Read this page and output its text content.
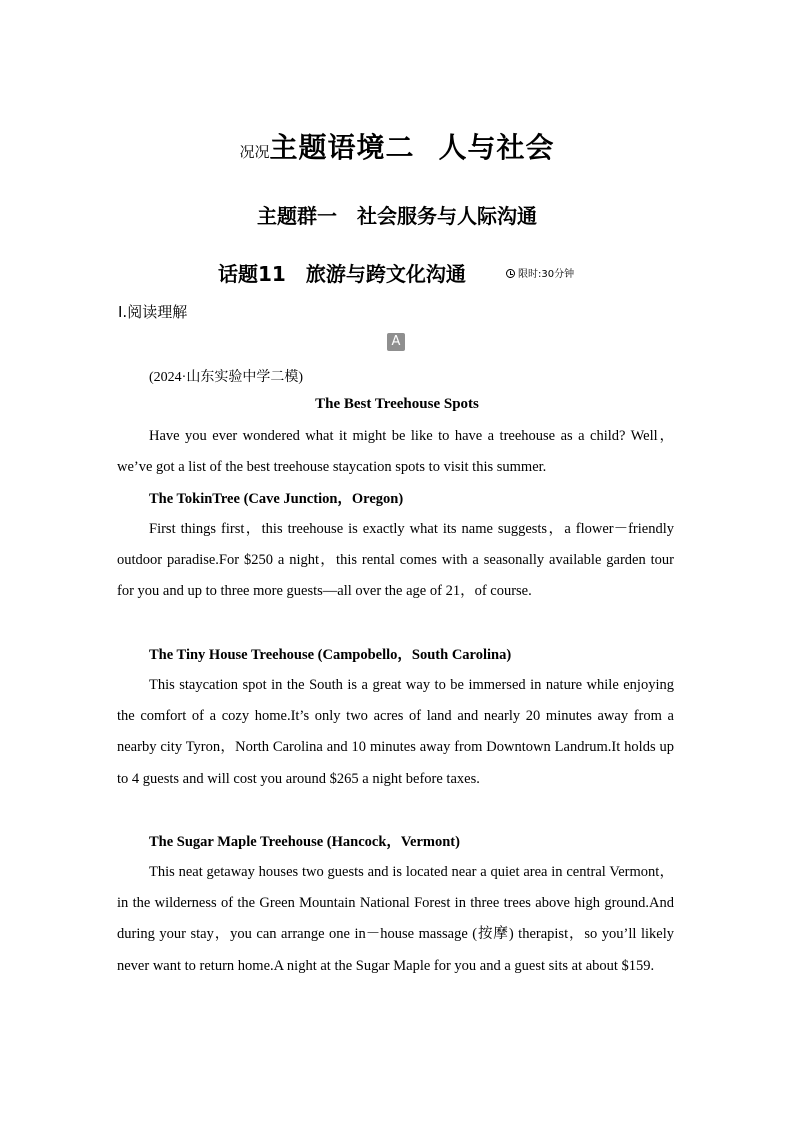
况况主题语境二 人与社会
主题群一 社会服务与人际沟通
话题11 旅游与跨文化沟通	限时:30分钟
Ⅰ.阅读理解
A
(2024·山东实验中学二模)
The Best Treehouse Spots

Have you ever wondered what it might be like to have a treehouse as a child? Well，we’ve got a list of the best treehouse staycation spots to visit this summer.

The TokinTree (Cave Junction，Oregon)

First things first，this treehouse is exactly what its name suggests，a flower－friendly outdoor paradise.For $250 a night，this rental comes with a seasonally available garden tour for you and up to three more guests—all over the age of 21，of course.

The Tiny House Treehouse (Campobello，South Carolina)

This staycation spot in the South is a great way to be immersed in nature while enjoying the comfort of a cozy home.It’s only two acres of land and nearly 20 minutes away from a nearby city Tyron，North Carolina and 10 minutes away from Downtown Landrum.It holds up to 4 guests and will cost you around $265 a night before taxes.

The Sugar Maple Treehouse (Hancock，Vermont)

This neat getaway houses two guests and is located near a quiet area in central Vermont，in the wilderness of the Green Mountain National Forest in three trees above high ground.And during your stay，you can arrange one in－house massage (按摩) therapist，so you’ll likely never want to return home.A night at the Sugar Maple for you and a guest sits at about $159.
